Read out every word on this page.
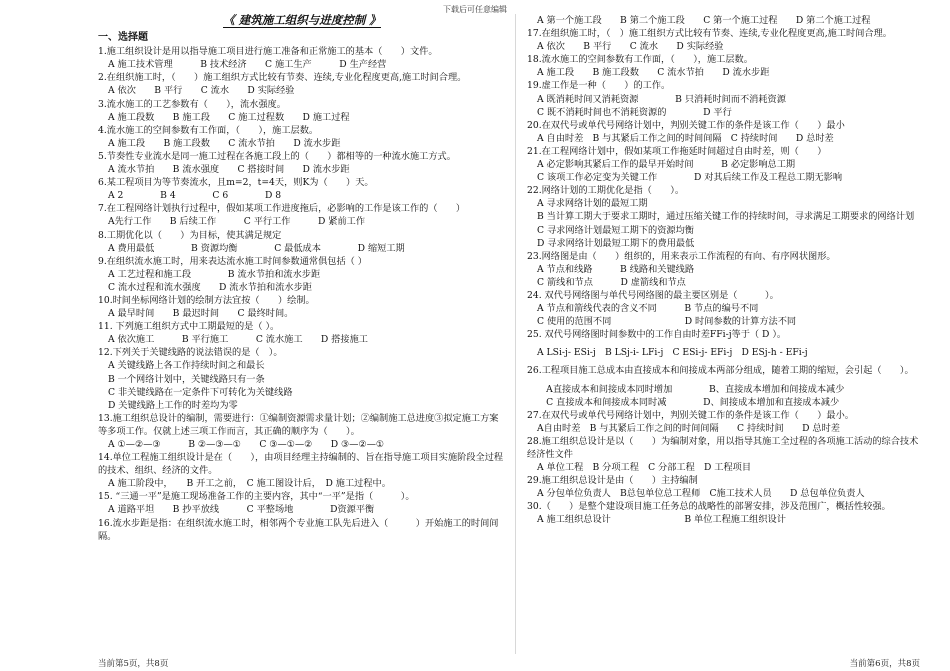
下载后可任意编辑
《 建筑施工组织与进度控制 》
一、选择题
1.施工组织设计是用以指导施工项目进行施工准备和正常施工的基本（　　）文件。
A 施工技术管理　　　B 技术经济　　C 施工生产　　　D 生产经营
2.在组织施工时，（　　）施工组织方式比较有节奏、连续,专业化程度更高,施工时间合理。
A 依次　　B 平行　　C 流水　　D 实际经验
3.流水施工的工艺参数有（　　），流水强度。
A 施工段数　　B 施工段　　C 施工过程数　　D 施工过程
4.流水施工的空间参数有工作面，（　　），施工层数。
A 施工段　　B 施工段数　　C 流水节拍　　D 流水步距
5.节奏性专业流水是同一施工过程在各施工段上的（　　）都相等的一种流水施工方式。
A 流水节拍　　B 流水强度　　C 搭接时间　　D 流水步距
6.某工程项目为等节奏流水，且m=2，t=4天，则K为（　　）天。
A 2　　　　B 4　　　　C 6　　　　D 8
7.在工程网络计划执行过程中，假如某项工作进度拖后，必影响的工作是该工作的（　　）
A先行工作　　B 后续工作　　　C 平行工作　　　D 紧前工作
8.工期优化以（　　）为目标，使其满足规定
A 费用最低　　　　B 资源均衡　　　　C 最低成本　　　　D 缩短工期
9.在组织流水施工时，用来表达流水施工时间参数通常俱包括（ ）
A 工艺过程和施工段　　　　B 流水节拍和流水步距
C 流水过程和流水强度　　D 流水节拍和流水步距
10.时间坐标网络计划的绘制方法宜按（　　）绘制。
A 最早时间　　B 最迟时间　　C 最终时间。
11. 下列施工组织方式中工期最短的是（ ）。
A 依次施工　　　B 平行施工　　　C 流水施工　　D 搭接施工
12.下列关于关键线路的说法错误的是（　）。
A 关键线路上各工作持续时间之和最长
B 一个网络计划中，关键线路只有一条
C 非关键线路在一定条件下可转化为关键线路
D 关键线路上工作的时差均为零
13.施工组织总设计的编制，需要进行：①编制资源需求量计划；②编制施工总进度③拟定施工方案等多项工作。仅就上述三项工作而言，其正确的顺序为（　　）。
A ①—②—③　　　B ②—③—①　　C ③—①—②　　D ③—②—①
14.单位工程施工组织设计是在（　　），由项目经理主持编制的、旨在指导施工项目实施阶段全过程的技术、组织、经济的文件。
A 施工阶段中，　　B 开工之前，　C 施工图设计后，　D 施工过程中。
15. “三通一平”是施工现场准备工作的主要内容，其中“一平”是指（　　　）。
A 道路平坦　　B 抄平放线　　　C 平整场地　　　　D资源平衡
16.流水步距是指：在组织流水施工时，相邻两个专业施工队先后进入（　　　）开始施工的时间间隔。
A 第一个施工段　　B 第二个施工段　　C 第一个施工过程　　D 第二个施工过程
17.在组织施工时，（　）施工组织方式比较有节奏、连续,专业化程度更高,施工时间合理。
A 依次　　B 平行　　C 流水　　D 实际经验
18.流水施工的空间参数有工作面，（　　），施工层数。
A 施工段　　B 施工段数　　C 流水节拍　　D 流水步距
19.虚工作是一种（　　）的工作。
A 既消耗时间又消耗资源　　　　B 只消耗时间而不消耗资源
C 既不消耗时间也不消耗资源的　　　　D 平行
20.在双代号或单代号网络计划中，判别关键工作的条件是该工作（　　）最小
A 自由时差　B 与其紧后工作之间的时间间隔　C 持续时间　　D 总时差
21.在工程网络计划中，假如某项工作拖延时间超过自由时差，则（　　）
A 必定影响其紧后工作的最早开始时间　　　B 必定影响总工期
C 该项工作必定变为关键工作　　　　D 对其后续工作及工程总工期无影响
22.网络计划的工期优化是指（　　）。
A 寻求网络计划的最短工期
B 当计算工期大于要求工期时，通过压缩关键工作的持续时间，寻求满足工期要求的网络计划
C 寻求网络计划最短工期下的资源均衡
D 寻求网络计划最短工期下的费用最低
23.网络图是由（　　）组织的，用来表示工作流程的有向、有序网状图形。
A 节点和线路　　　B 线路和关键线路
C 箭线和节点　　　D 虚箭线和节点
24. 双代号网络图与单代号网络图的最主要区别是（　　　）。
A 节点和箭线代表的含义不同　　　B 节点的编号不同
C 使用的范围不同　　　　　　　　D 时间参数的计算方法不同
25. 双代号网络图时间参数中的工作自由时差FFi-j等于（ D ）。
A LSi-j- ESi-j　B LSj-i- LFi-j　C ESi-j- EFi-j　D ESj-h - EFi-j
26.工程项目施工总成本由直接成本和间接成本两部分组成，随着工期的缩短，会引起（　　）。
　A直接成本和间接成本同时增加　　　　B、直接成本增加和间接成本减少
　C 直接成本和间接成本同时减　　　　D、间接成本增加和直接成本减少
27.在双代号或单代号网络计划中，判别关键工作的条件是该工作（　　）最小。
A自由时差　B 与其紧后工作之间的时间间隔　　C 持续时间　　D 总时差
28.施工组织总设计是以（　　）为编制对象，用以指导其施工全过程的各项施工活动的综合技术经济性文件
A 单位工程　B 分项工程　C 分部工程　D 工程项目
29.施工组织总设计是由（　　）主持编制
A 分包单位负责人　B总包单位总工程师　C施工技术人员　　D 总包单位负责人
30.（　　）是整个建设项目施工任务总的战略性的部署安排，涉及范围广，概括性较强。
A 施工组织总设计　　　　　　　　B 单位工程施工组织设计
当前第5页，共8页	当前第6页，共8页
